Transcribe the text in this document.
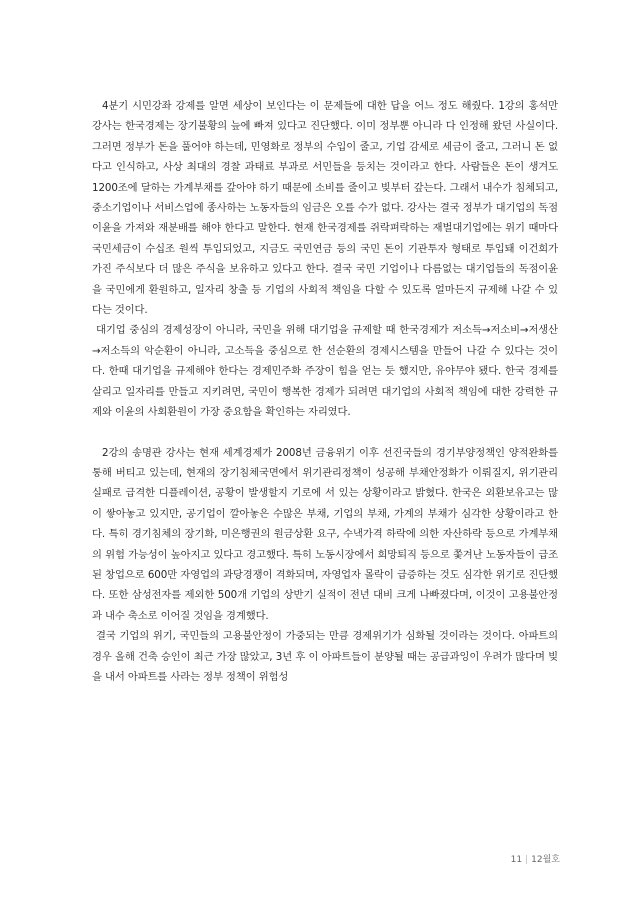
4분기 시민강좌 강제를 알면 세상이 보인다는 이 문제들에 대한 답을 어느 정도 해줬다. 1강의 홍석만 강사는 한국경제는 장기불황의 늪에 빠져 있다고 진단했다. 이미 정부뿐 아니라 다 인정해 왔던 사실이다. 그러면 정부가 돈을 풀어야 하는데, 민영화로 정부의 수입이 줄고, 기업 감세로 세금이 줄고, 그러니 돈 없다고 인식하고, 사상 최대의 경찰 과태료 부과로 서민들을 등치는 것이라고 한다. 사람들은 돈이 생겨도 1200조에 달하는 가계부채를 갚아야 하기 때문에 소비를 줄이고 빚부터 갚는다. 그래서 내수가 침체되고, 중소기업이나 서비스업에 종사하는 노동자들의 임금은 오를 수가 없다. 강사는 결국 정부가 대기업의 독점이윤을 가져와 재분배를 해야 한다고 말한다. 현재 한국경제를 쥐락펴락하는 재벌대기업에는 위기 때마다 국민세금이 수십조 원씩 투입되었고, 지금도 국민연금 등의 국민 돈이 기관투자 형태로 투입돼 이건희가 가진 주식보다 더 많은 주식을 보유하고 있다고 한다. 결국 국민 기업이나 다름없는 대기업들의 독점이윤을 국민에게 환원하고, 일자리 창출 등 기업의 사회적 책임을 다할 수 있도록 얼마든지 규제해 나갈 수 있다는 것이다.

대기업 중심의 경제성장이 아니라, 국민을 위해 대기업을 규제할 때 한국경제가 저소득→저소비→저생산→저소득의 악순환이 아니라, 고소득을 중심으로 한 선순환의 경제시스템을 만들어 나갈 수 있다는 것이다. 한때 대기업을 규제해야 한다는 경제민주화 주장이 힘을 얻는 듯 했지만, 유야무야 됐다. 한국 경제를 살리고 일자리를 만들고 지키려면, 국민이 행복한 경제가 되려면 대기업의 사회적 책임에 대한 강력한 규제와 이윤의 사회환원이 가장 중요함을 확인하는 자리였다.

2강의 송명관 강사는 현재 세계경제가 2008년 금융위기 이후 선진국들의 경기부양정책인 양적완화를 통해 버티고 있는데, 현재의 장기침체국면에서 위기관리정책이 성공해 부채안정화가 이뤄질지, 위기관리 실패로 급격한 디플레이션, 공황이 발생할지 기로에 서 있는 상황이라고 밝혔다. 한국은 외환보유고는 많이 쌓아놓고 있지만, 공기업이 깔아놓은 수많은 부채, 기업의 부채, 가계의 부채가 심각한 상황이라고 한다. 특히 경기침체의 장기화, 미은행권의 원금상환 요구, 수낵가격 하락에 의한 자산하락 등으로 가계부채의 위험 가능성이 높아지고 있다고 경고했다. 특히 노동시장에서 희망퇴직 등으로 쫓겨난 노동자들이 급조된 창업으로 600만 자영업의 과당경쟁이 격화되며, 자영업자 몰락이 급증하는 것도 심각한 위기로 진단했다. 또한 삼성전자를 제외한 500개 기업의 상반기 실적이 전년 대비 크게 나빠졌다며, 이것이 고용불안정과 내수 축소로 이어질 것임을 경계했다.

결국 기업의 위기, 국민들의 고용불안정이 가중되는 만큼 경제위기가 심화될 것이라는 것이다. 아파트의 경우 올해 건축 승인이 최근 가장 많았고, 3년 후 이 아파트들이 분양될 때는 공급과잉이 우려가 많다며 빚을 내서 아파트를 사라는 정부 정책이 위험성

11 | 12월호
